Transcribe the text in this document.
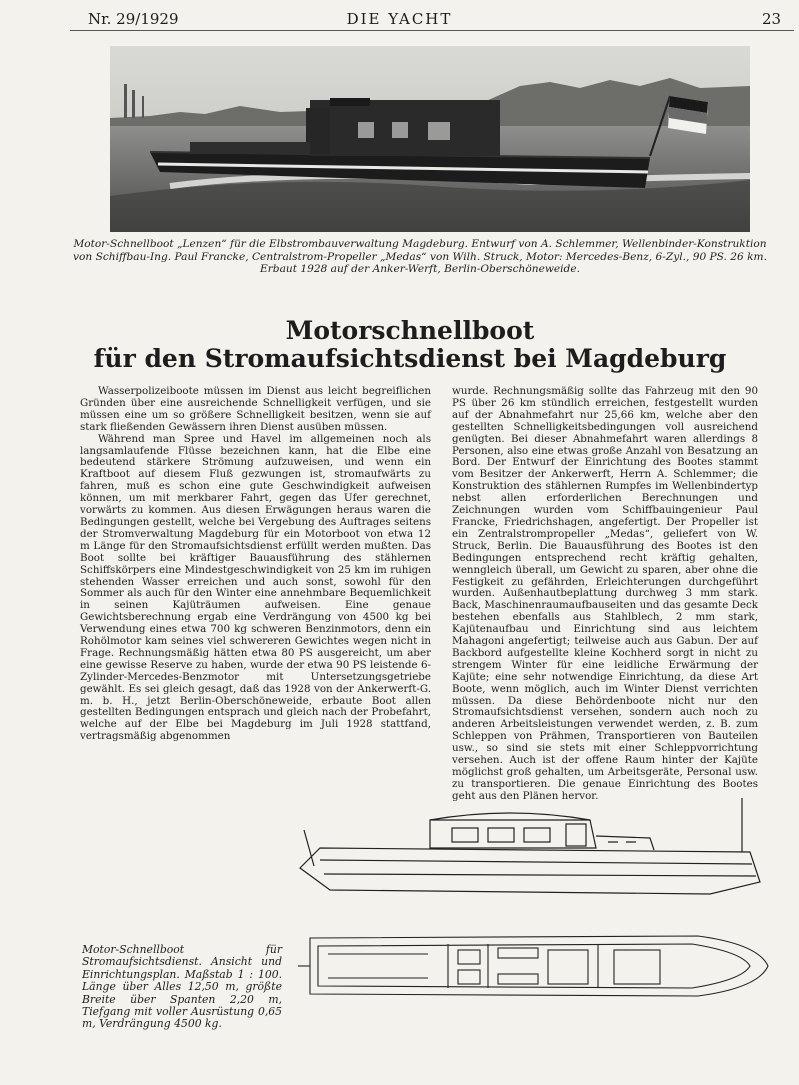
Nr. 29/1929	DIE YACHT	23
Motor-Schnellboot „Lenzen“ für die Elbstrombauverwaltung Magdeburg. Entwurf von A. Schlemmer, Wellenbinder-Konstruktion von Schiffbau-Ing. Paul Francke, Centralstrom-Propeller „Medas“ von Wilh. Struck, Motor: Mercedes-Benz, 6-Zyl., 90 PS. 26 km. Erbaut 1928 auf der Anker-Werft, Berlin-Oberschöneweide.
Motorschnellboot
für den Stromaufsichtsdienst bei Magdeburg

Wasserpolizeiboote müssen im Dienst aus leicht begreiflichen Gründen über eine ausreichende Schnelligkeit verfügen, und sie müssen eine um so größere Schnelligkeit besitzen, wenn sie auf stark fließenden Gewässern ihren Dienst ausüben müssen.

Während man Spree und Havel im allgemeinen noch als langsamlaufende Flüsse bezeichnen kann, hat die Elbe eine bedeutend stärkere Strömung aufzuweisen, und wenn ein Kraftboot auf diesem Fluß gezwungen ist, stromaufwärts zu fahren, muß es schon eine gute Geschwindigkeit aufweisen können, um mit merkbarer Fahrt, gegen das Ufer gerechnet, vorwärts zu kommen. Aus diesen Erwägungen heraus waren die Bedingungen gestellt, welche bei Vergebung des Auftrages seitens der Stromverwaltung Magdeburg für ein Motorboot von etwa 12 m Länge für den Stromaufsichtsdienst erfüllt werden mußten. Das Boot sollte bei kräftiger Bauausführung des stählernen Schiffskörpers eine Mindestgeschwindigkeit von 25 km im ruhigen stehenden Wasser erreichen und auch sonst, sowohl für den Sommer als auch für den Winter eine annehmbare Bequemlichkeit in seinen Kajüträumen aufweisen. Eine genaue Gewichtsberechnung ergab eine Verdrängung von 4500 kg bei Verwendung eines etwa 700 kg schweren Benzinmotors, denn ein Rohölmotor kam seines viel schwereren Gewichtes wegen nicht in Frage. Rechnungsmäßig hätten etwa 80 PS ausgereicht, um aber eine gewisse Reserve zu haben, wurde der etwa 90 PS leistende 6-Zylinder-Mercedes-Benzmotor mit Untersetzungsgetriebe gewählt. Es sei gleich gesagt, daß das 1928 von der Ankerwerft-G. m. b. H., jetzt Berlin-Oberschöneweide, erbaute Boot allen gestellten Bedingungen entsprach und gleich nach der Probefahrt, welche auf der Elbe bei Magdeburg im Juli 1928 stattfand, vertragsmäßig abgenommen

wurde. Rechnungsmäßig sollte das Fahrzeug mit den 90 PS über 26 km stündlich erreichen, festgestellt wurden auf der Abnahmefahrt nur 25,66 km, welche aber den gestellten Schnelligkeitsbedingungen voll ausreichend genügten. Bei dieser Abnahmefahrt waren allerdings 8 Personen, also eine etwas große Anzahl von Besatzung an Bord. Der Entwurf der Einrichtung des Bootes stammt vom Besitzer der Ankerwerft, Herrn A. Schlemmer; die Konstruktion des stählernen Rumpfes im Wellenbindertyp nebst allen erforderlichen Berechnungen und Zeichnungen wurden vom Schiffbauingenieur Paul Francke, Friedrichshagen, angefertigt. Der Propeller ist ein Zentralstrompropeller „Medas“, geliefert von W. Struck, Berlin. Die Bauausführung des Bootes ist den Bedingungen entsprechend recht kräftig gehalten, wenngleich überall, um Gewicht zu sparen, aber ohne die Festigkeit zu gefährden, Erleichterungen durchgeführt wurden. Außenhautbeplattung durchweg 3 mm stark. Back, Maschinenraumaufbauseiten und das gesamte Deck bestehen ebenfalls aus Stahlblech, 2 mm stark, Kajütenaufbau und Einrichtung sind aus leichtem Mahagoni angefertigt; teilweise auch aus Gabun. Der auf Backbord aufgestellte kleine Kochherd sorgt in nicht zu strengem Winter für eine leidliche Erwärmung der Kajüte; eine sehr notwendige Einrichtung, da diese Art Boote, wenn möglich, auch im Winter Dienst verrichten müssen. Da diese Behördenboote nicht nur den Stromaufsichtsdienst versehen, sondern auch noch zu anderen Arbeitsleistungen verwendet werden, z. B. zum Schleppen von Prähmen, Transportieren von Bauteilen usw., so sind sie stets mit einer Schleppvorrichtung versehen. Auch ist der offene Raum hinter der Kajüte möglichst groß gehalten, um Arbeitsgeräte, Personal usw. zu transportieren. Die genaue Einrichtung des Bootes geht aus den Plänen hervor.

Motor-Schnellboot für Stromaufsichtsdienst. Ansicht und Einrichtungsplan. Maßstab 1 : 100. Länge über Alles 12,50 m, größte Breite über Spanten 2,20 m, Tiefgang mit voller Ausrüstung 0,65 m, Verdrängung 4500 kg.
